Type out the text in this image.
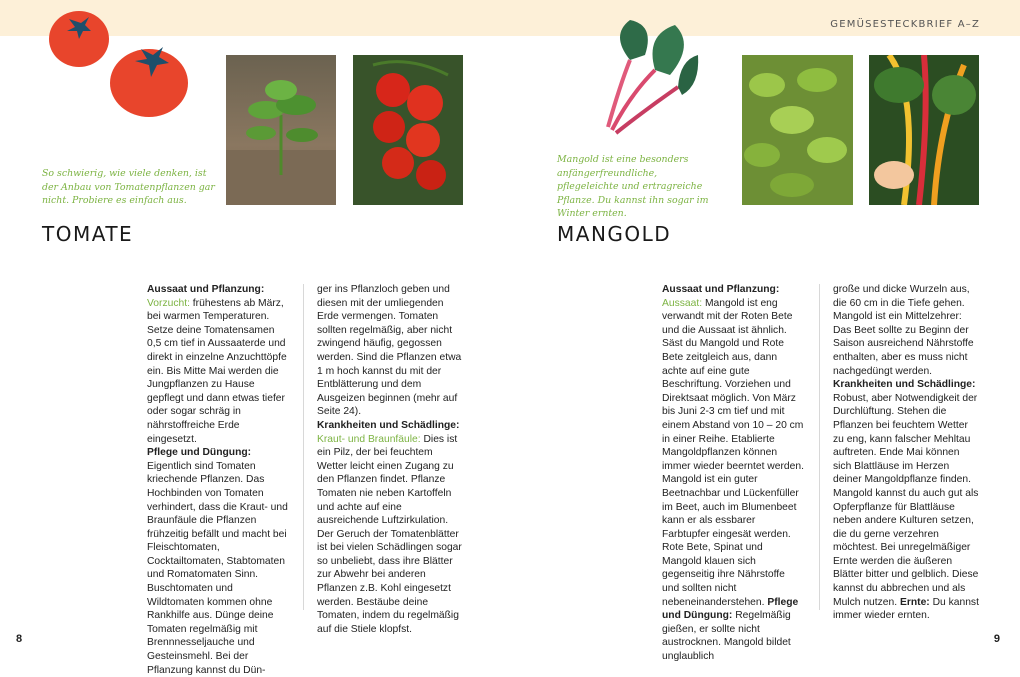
GEMÜSESTECKBRIEF A–Z
So schwierig, wie viele denken, ist der Anbau von Tomatenpflanzen gar nicht. Probiere es einfach aus.
TOMATE
Aussaat und Pflanzung:
Vorzucht: frühestens ab März, bei warmen Temperaturen. Setze deine Tomatensamen 0,5 cm tief in Aussaaterde und direkt in einzelne Anzuchttöpfe ein. Bis Mitte Mai werden die Jungpflanzen zu Hause gepflegt und dann etwas tiefer oder sogar schräg in nährstoffreiche Erde eingesetzt.
Pflege und Düngung: Eigentlich sind Tomaten kriechende Pflanzen. Das Hochbinden von Tomaten verhindert, dass die Kraut- und Braunfäule die Pflanzen frühzeitig befällt und macht bei Fleischtomaten, Cocktailtomaten, Stabtomaten und Romatomaten Sinn. Buschtomaten und Wildtomaten kommen ohne Rankhilfe aus. Dünge deine Tomaten regelmäßig mit Brennnesseljauche und Gesteinsmehl. Bei der Pflanzung kannst du Dün-
ger ins Pflanzloch geben und diesen mit der umliegenden Erde vermengen. Tomaten sollten regelmäßig, aber nicht zwingend häufig, gegossen werden. Sind die Pflanzen etwa 1 m hoch kannst du mit der Entblätterung und dem Ausgeizen beginnen (mehr auf Seite 24).
Krankheiten und Schädlinge:
Kraut- und Braunfäule: Dies ist ein Pilz, der bei feuchtem Wetter leicht einen Zugang zu den Pflanzen findet. Pflanze Tomaten nie neben Kartoffeln und achte auf eine ausreichende Luftzirkulation. Der Geruch der Tomatenblätter ist bei vielen Schädlingen sogar so unbeliebt, dass ihre Blätter zur Abwehr bei anderen Pflanzen z.B. Kohl eingesetzt werden. Bestäube deine Tomaten, indem du regelmäßig auf die Stiele klopfst.
8
Mangold ist eine besonders anfängerfreundliche, pflegeleichte und ertragreiche Pflanze. Du kannst ihn sogar im Winter ernten.
MANGOLD
Aussaat und Pflanzung:
Aussaat: Mangold ist eng verwandt mit der Roten Bete und die Aussaat ist ähnlich. Säst du Mangold und Rote Bete zeitgleich aus, dann achte auf eine gute Beschriftung. Vorziehen und Direktsaat möglich. Von März bis Juni 2-3 cm tief und mit einem Abstand von 10 – 20 cm in einer Reihe. Etablierte Mangoldpflanzen können immer wieder beerntet werden. Mangold ist ein guter Beetnachbar und Lückenfüller im Beet, auch im Blumenbeet kann er als essbarer Farbtupfer eingesät werden. Rote Bete, Spinat und Mangold klauen sich gegenseitig ihre Nährstoffe und sollten nicht nebeneinanderstehen. Pflege und Düngung: Regelmäßig gießen, er sollte nicht austrocknen. Mangold bildet unglaublich
große und dicke Wurzeln aus, die 60 cm in die Tiefe gehen. Mangold ist ein Mittelzehrer: Das Beet sollte zu Beginn der Saison ausreichend Nährstoffe enthalten, aber es muss nicht nachgedüngt werden.
Krankheiten und Schädlinge: Robust, aber Notwendigkeit der Durchlüftung. Stehen die Pflanzen bei feuchtem Wetter zu eng, kann falscher Mehltau auftreten. Ende Mai können sich Blattläuse im Herzen deiner Mangoldpflanze finden. Mangold kannst du auch gut als Opferpflanze für Blattläuse neben andere Kulturen setzen, die du gerne verzehren möchtest. Bei unregelmäßiger Ernte werden die äußeren Blätter bitter und gelblich. Diese kannst du abbrechen und als Mulch nutzen. Ernte: Du kannst immer wieder ernten.
9
